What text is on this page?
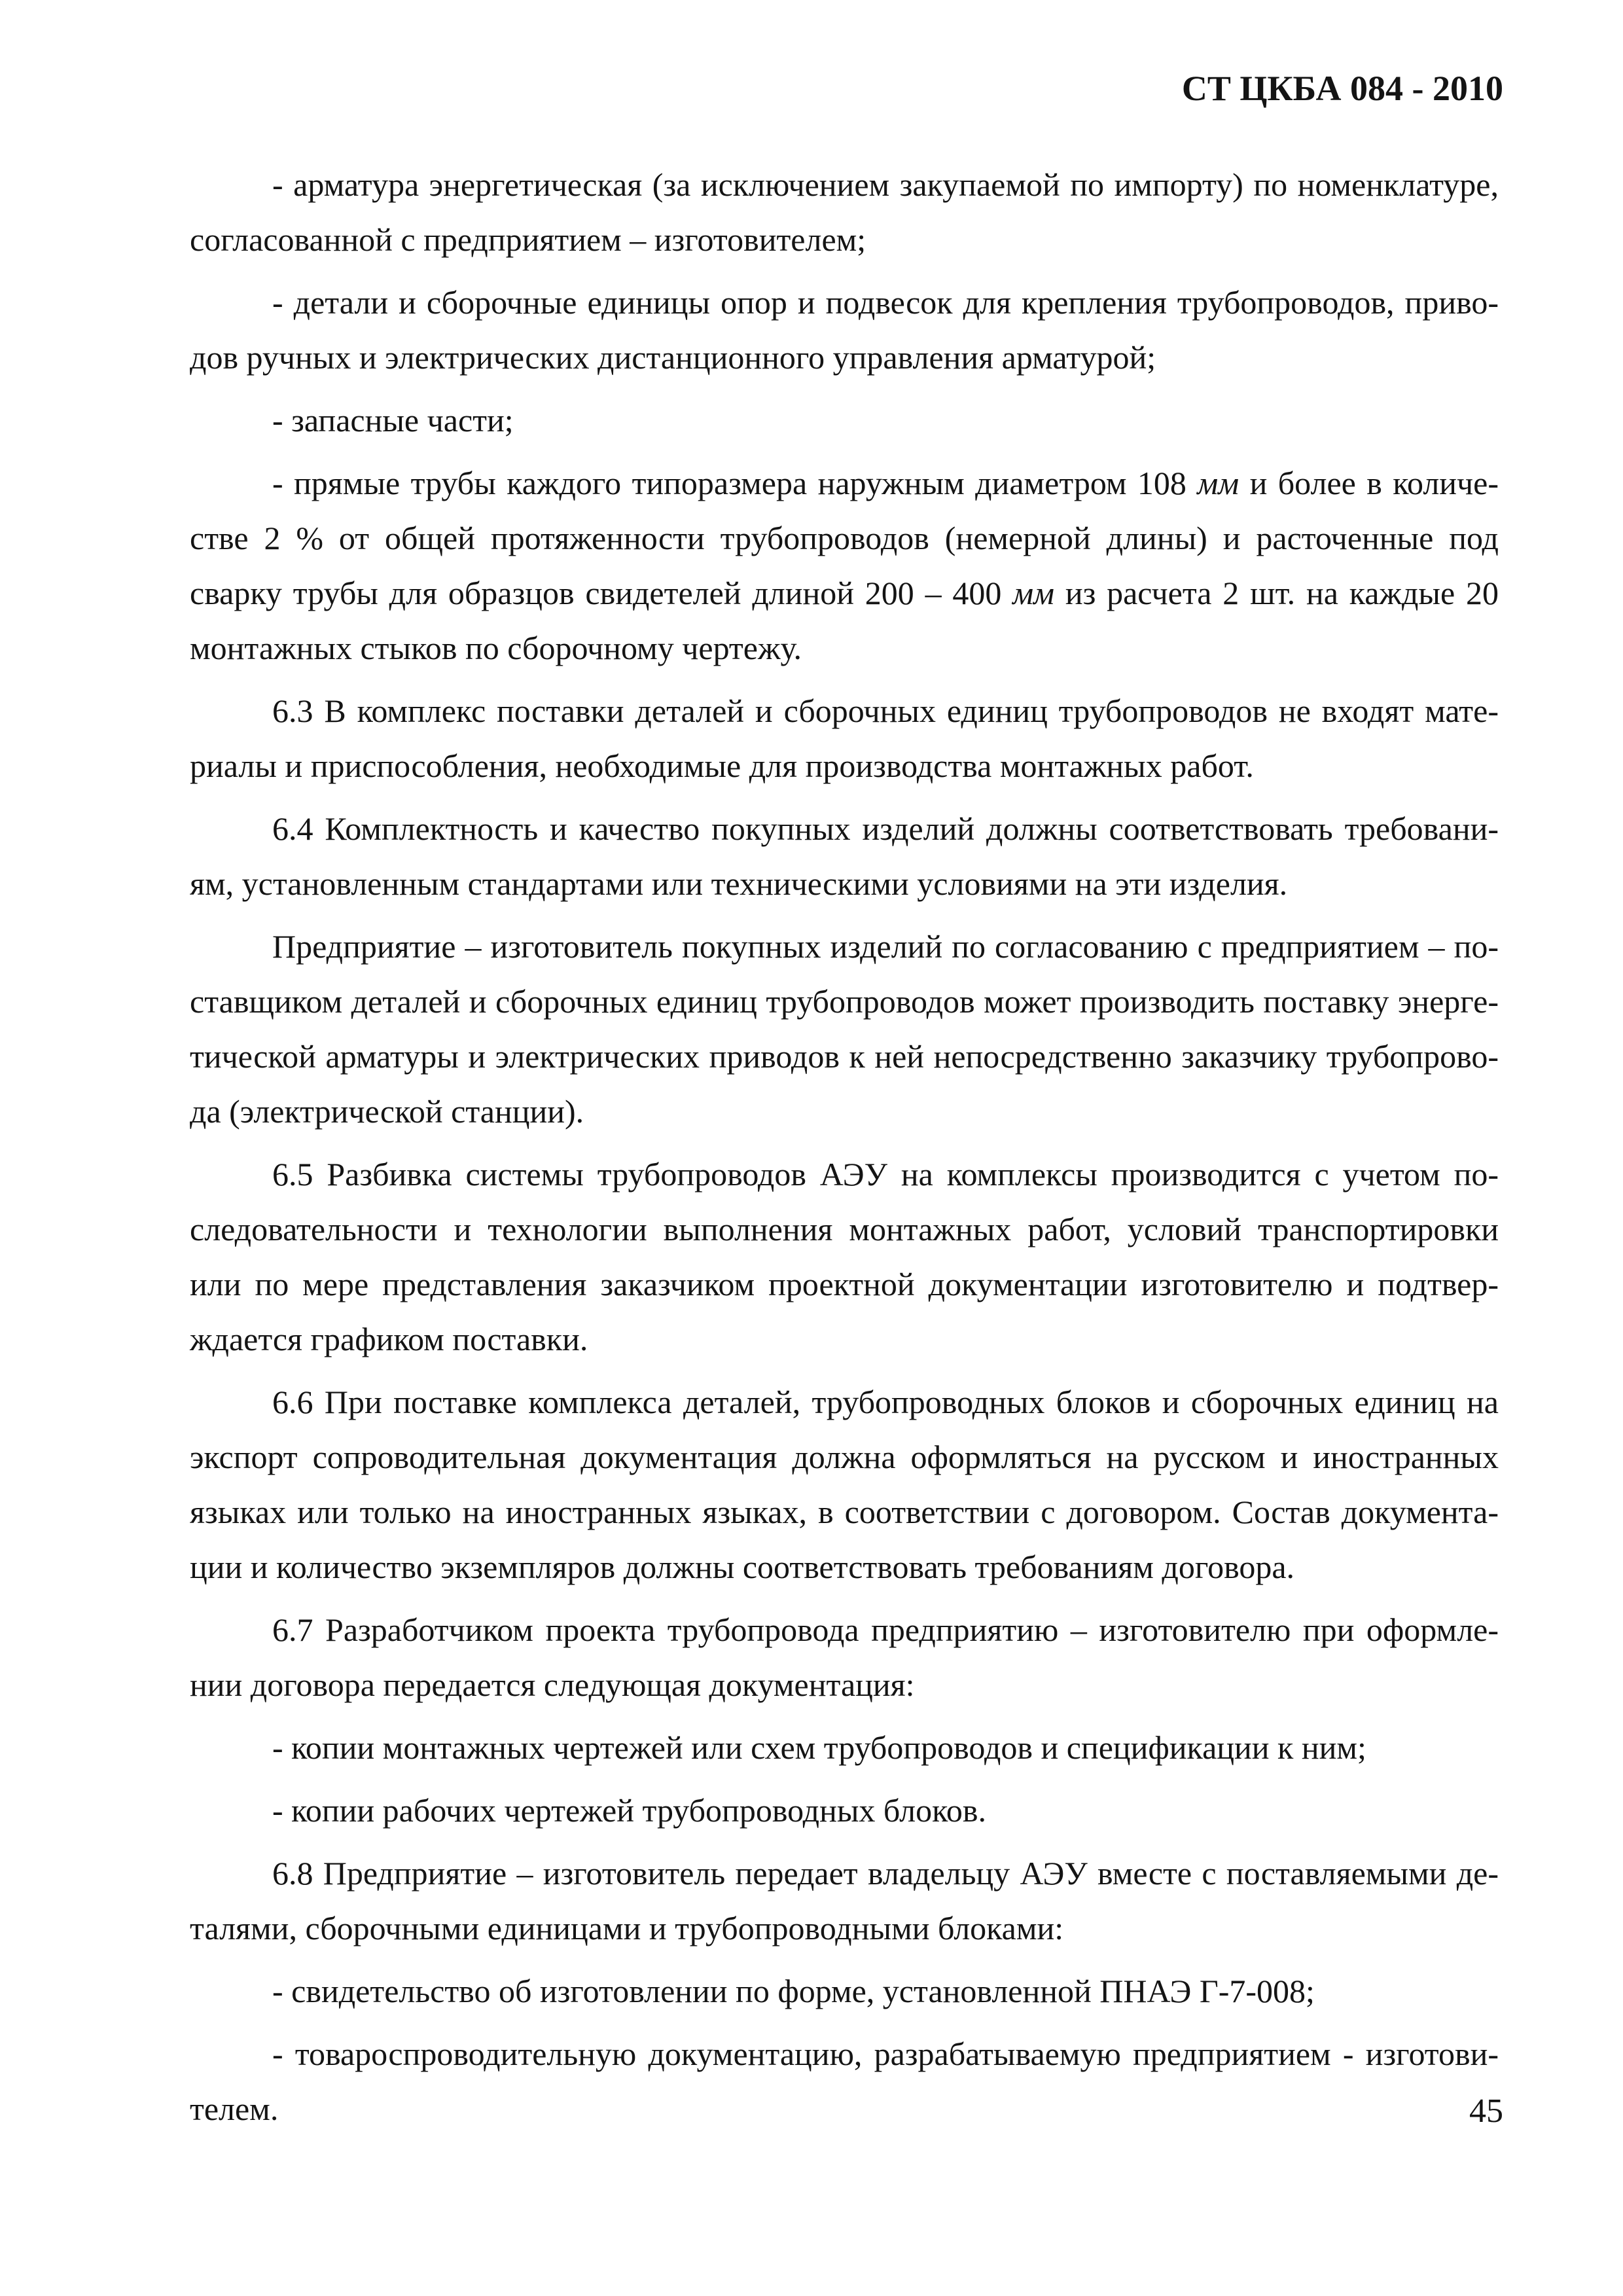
СТ ЦКБА 084 - 2010
- арматура энергетическая (за исключением закупаемой по импорту) по номенклатуре,
согласованной с предприятием – изготовителем;
- детали и сборочные единицы опор и подвесок для крепления трубопроводов, приво-
дов ручных и электрических дистанционного управления арматурой;
- запасные части;
- прямые трубы каждого типоразмера наружным диаметром 108 мм и более в количе-
стве 2 % от общей протяженности трубопроводов (немерной длины) и расточенные под
сварку трубы для образцов свидетелей длиной 200 – 400 мм из расчета 2 шт. на каждые 20
монтажных стыков по сборочному чертежу.
6.3 В комплекс поставки деталей и сборочных единиц трубопроводов не входят мате-
риалы и приспособления, необходимые для производства монтажных работ.
6.4 Комплектность и качество покупных изделий должны соответствовать требовани-
ям, установленным стандартами или техническими условиями на эти изделия.
Предприятие – изготовитель покупных изделий по согласованию с предприятием – по-
ставщиком деталей и сборочных единиц трубопроводов может производить поставку энерге-
тической арматуры и электрических приводов к ней непосредственно заказчику трубопрово-
да (электрической станции).
6.5 Разбивка системы трубопроводов АЭУ на комплексы производится с учетом по-
следовательности и технологии выполнения монтажных работ, условий транспортировки
или по мере представления заказчиком проектной документации изготовителю и подтвер-
ждается графиком поставки.
6.6 При поставке комплекса деталей, трубопроводных блоков и сборочных единиц на
экспорт сопроводительная документация должна оформляться на русском и иностранных
языках или только на иностранных языках, в соответствии с договором. Состав документа-
ции и количество экземпляров должны соответствовать требованиям договора.
6.7 Разработчиком проекта трубопровода предприятию – изготовителю при оформле-
нии договора передается следующая документация:
- копии монтажных чертежей или схем трубопроводов и спецификации к ним;
- копии рабочих чертежей трубопроводных блоков.
6.8 Предприятие – изготовитель передает владельцу АЭУ вместе с поставляемыми де-
талями, сборочными единицами и трубопроводными блоками:
- свидетельство об изготовлении по форме, установленной ПНАЭ Г-7-008;
- товароспроводительную документацию, разрабатываемую предприятием - изготови-
телем.	45
